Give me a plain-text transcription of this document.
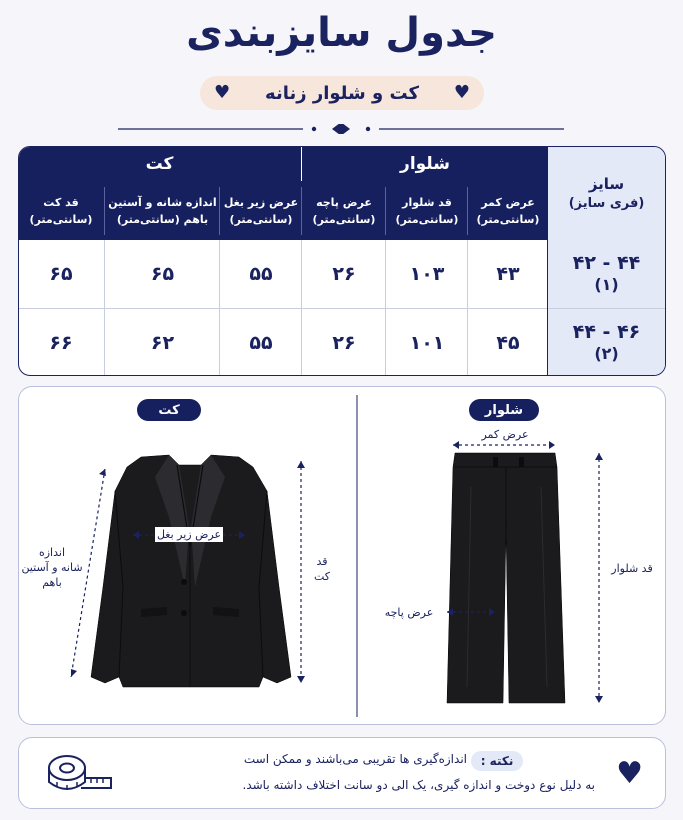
جدول سایزبندی
♥
کت و شلوار زنانه
♥
سایز
(فری سایز)
۴۴ - ۴۲
(۱)
۴۶ - ۴۴
(۲)
شلوار
کت
عرض کمر
(سانتی‌متر)
قد شلوار
(سانتی‌متر)
عرض پاچه
(سانتی‌متر)
عرض زیر بغل
(سانتی‌متر)
اندازه شانه و آستین
باهم (سانتی‌متر)
قد کت
(سانتی‌متر)
۴۳
۱۰۳
۲۶
۵۵
۶۵
۶۵
۴۵
۱۰۱
۲۶
۵۵
۶۲
۶۶
کت	شلوار
عرض زیر بغل
قد کت
اندازه
شانه و آستین
باهم
عرض کمر
قد شلوار
عرض پاچه
♥
نکته :
اندازه‌گیری ها تقریبی می‌باشند و ممکن است
به دلیل نوع دوخت و اندازه گیری، یک الی دو سانت اختلاف داشته باشد.
